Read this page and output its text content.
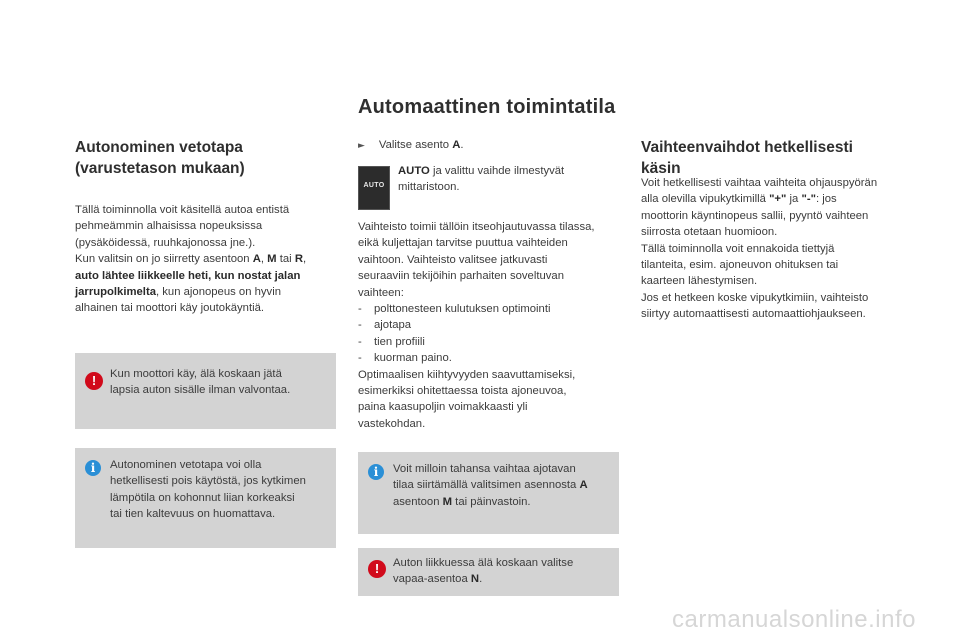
Automaattinen toimintatila
Autonominen vetotapa
(varustetason mukaan)
Tällä toiminnolla voit käsitellä autoa entistä
pehmeämmin alhaisissa nopeuksissa
(pysäköidessä, ruuhkajonossa jne.).
Kun valitsin on jo siirretty asentoon A, M tai R,
auto lähtee liikkeelle heti, kun nostat jalan
jarrupolkimelta, kun ajonopeus on hyvin
alhainen tai moottori käy joutokäyntiä.
!	Kun moottori käy, älä koskaan jätä
lapsia auton sisälle ilman valvontaa.
i	Autonominen vetotapa voi olla
hetkellisesti pois käytöstä, jos kytkimen
lämpötila on kohonnut liian korkeaksi
tai tien kaltevuus on huomattava.
► Valitse asento A.
AUTO
AUTO ja valittu vaihde ilmestyvät
mittaristoon.
Vaihteisto toimii tällöin itseohjautuvassa tilassa,
eikä kuljettajan tarvitse puuttua vaihteiden
vaihtoon. Vaihteisto valitsee jatkuvasti
seuraaviin tekijöihin parhaiten soveltuvan
vaihteen:
-	polttonesteen kulutuksen optimointi
-	ajotapa
-	tien profiili
-	kuorman paino.
Optimaalisen kiihtyvyyden saavuttamiseksi,
esimerkiksi ohitettaessa toista ajoneuvoa,
paina kaasupoljin voimakkaasti yli
vastekohdan.
i	Voit milloin tahansa vaihtaa ajotavan
tilaa siirtämällä valitsimen asennosta A
asentoon M tai päinvastoin.
!	Auton liikkuessa älä koskaan valitse
vapaa-asentoa N.
Vaihteenvaihdot hetkellisesti
käsin
Voit hetkellisesti vaihtaa vaihteita ohjauspyörän
alla olevilla vipukytkimillä "+" ja "-": jos
moottorin käyntinopeus sallii, pyyntö vaihteen
siirrosta otetaan huomioon.
Tällä toiminnolla voit ennakoida tiettyjä
tilanteita, esim. ajoneuvon ohituksen tai
kaarteen lähestymisen.
Jos et hetkeen koske vipukytkimiin, vaihteisto
siirtyy automaattisesti automaattiohjaukseen.
carmanualsonline.info
